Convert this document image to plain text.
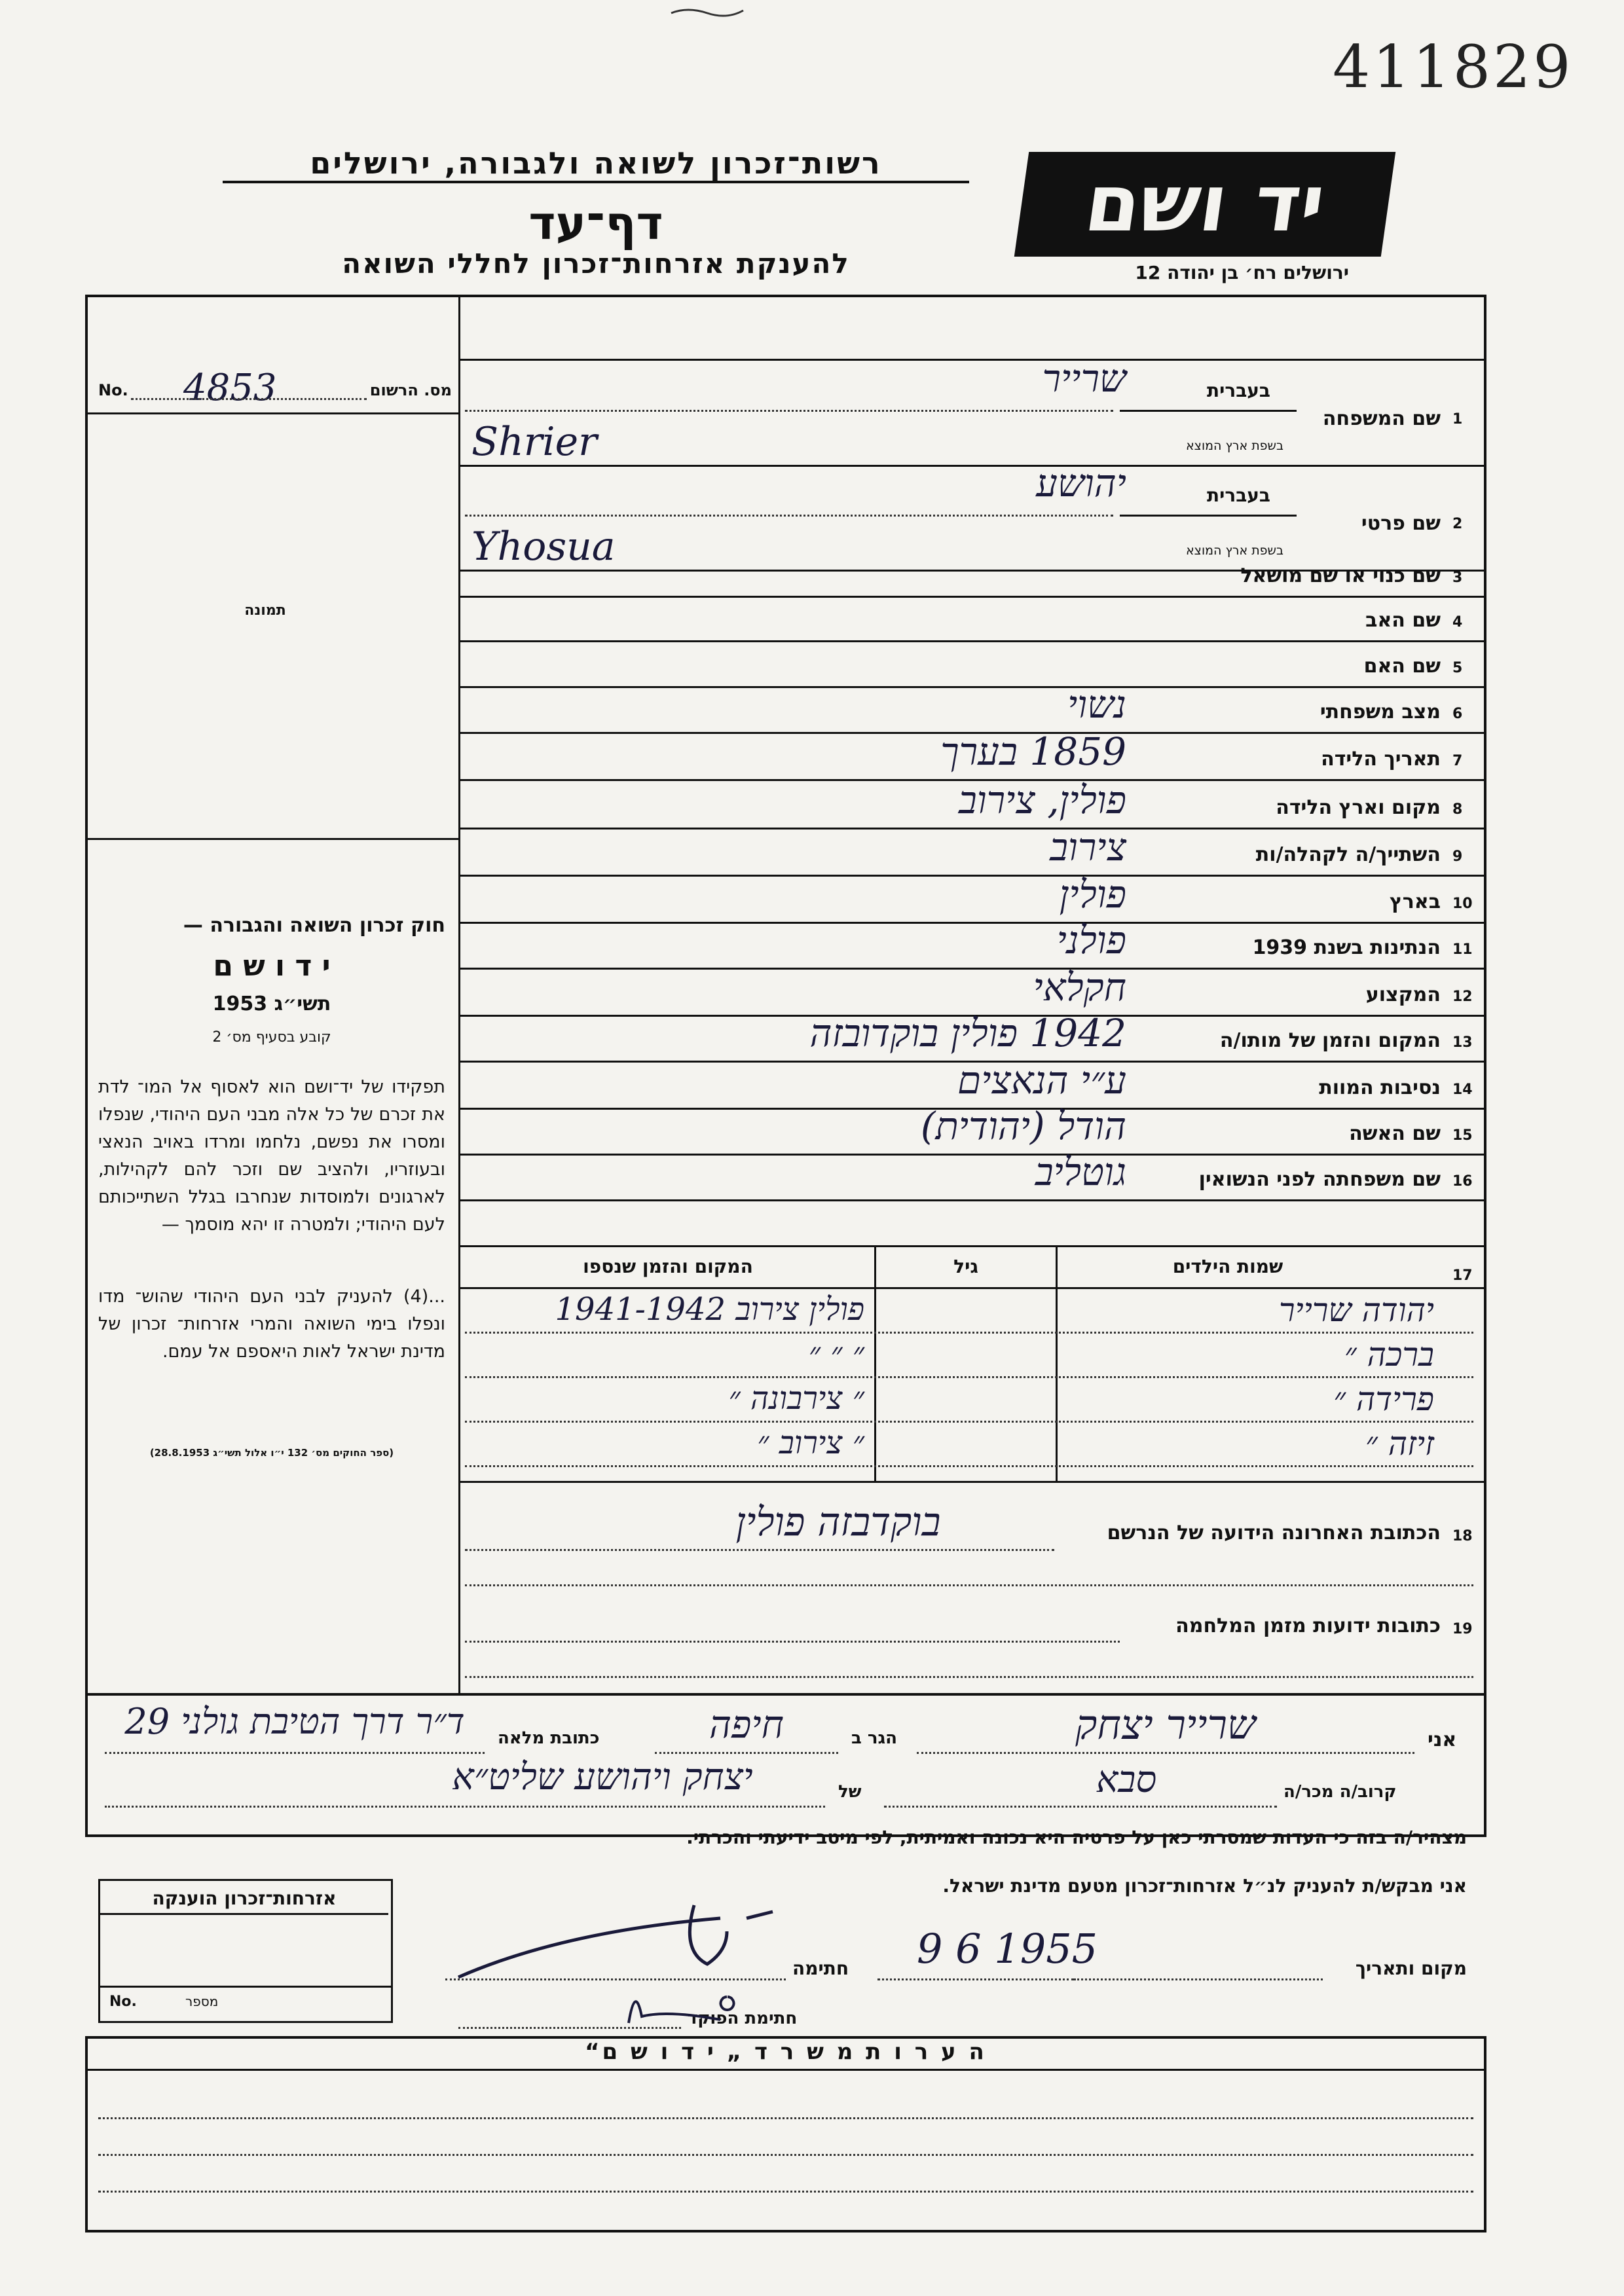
411829
רשות־זכרון לשואה ולגבורה, ירושלים
דף־עד
להענקת אזרחות־זכרון לחללי השואה
יד ושם
ירושלים רח׳ בן יהודה 12
No. 4853	מס. הרשום
תמונה
חוק זכרון השואה והגבורה —
י ד ו ש ם
תשי״ג 1953
קובע בסעיף מס׳ 2
תפקידו של יד־ושם הוא לאסוף אל המו־ לדת את זכרם של כל אלה מבני העם היהודי, שנפלו ומסרו את נפשם, נלחמו ומרדו באויב הנאצי ובעוזריו, ולהציב שם וזכר להם לקהילות, לארגונים ולמוסדות שנחרבו בגלל השתייכותם לעם היהודי; ולמטרה זו יהא מוסמך —
...(4) להעניק לבני העם היהודי שהוש־ מדו ונפלו בימי השואה והמרי אזרחות־ זכרון של מדינת ישראל לאות היאספם אל עמם.
(ספר החוקים מס׳ 132 י״ו אלול תשי״ג 28.8.1953)
1
שם המשפחה
בעברית
בשפת ארץ המוצא
Shrier
שרייר
2
שם פרטי
בעברית
בשפת ארץ המוצא
Yhosua
יהושע
3
שם כנוי או שם מושאל
4
שם האב
5
שם האם
6
מצב משפחתי
נשוי
7
תאריך הלידה
1859 בערך
8
מקום וארץ הלידה
פולין, צירוב
9
השתייך/ה לקהלה/ות
צירוב
10
בארץ
פולין
11
הנתינות בשנת 1939
פולני
12
המקצוע
חקלאי
13
המקום והזמן של מותו/ה
1942 פולין בוקדובזה
14
נסיבות המוות
ע״י הנאצים
15
שם האשה
הודל (יהודית)
16
שם משפחתה לפני הנשואין
גוטליב
17
שמות הילדים
גיל
המקום והזמן שנספו
יהודה שרייר
פולין צירוב 1941-1942
ברכה ״
״ ״ ״
פרידה ״
״ צירבונה ״
זיזה ״
״ צירוב ״
18
הכתובת האחרונה הידועה של הנרשם
בוקדבזה פולין
19
כתובות ידועות מזמן המלחמה
אני
שרייר יצחק
הגר ב
חיפה
כתובת מלאה
ד״ר דרך הטיבת גולני 29
קרוב/ה מכר/ה
סבא
של
יצחק ויהושע שליט״א
מצהיר/ה בזה כי העדות שמסרתי כאן על פרטיה היא נכונה ואמיתית, לפי מיטב ידיעתי והכרתי.
אני מבקש/ת להעניק לנ״ל אזרחות־זכרון מטעם מדינת ישראל.
מקום ותאריך
9 6 1955
חתימה
חתימת הפוקד
אזרחות־זכרון הוענקה
No.	מספר
ה ע ר ו ת מ ש ר ד „ י ד ו ש ם“
